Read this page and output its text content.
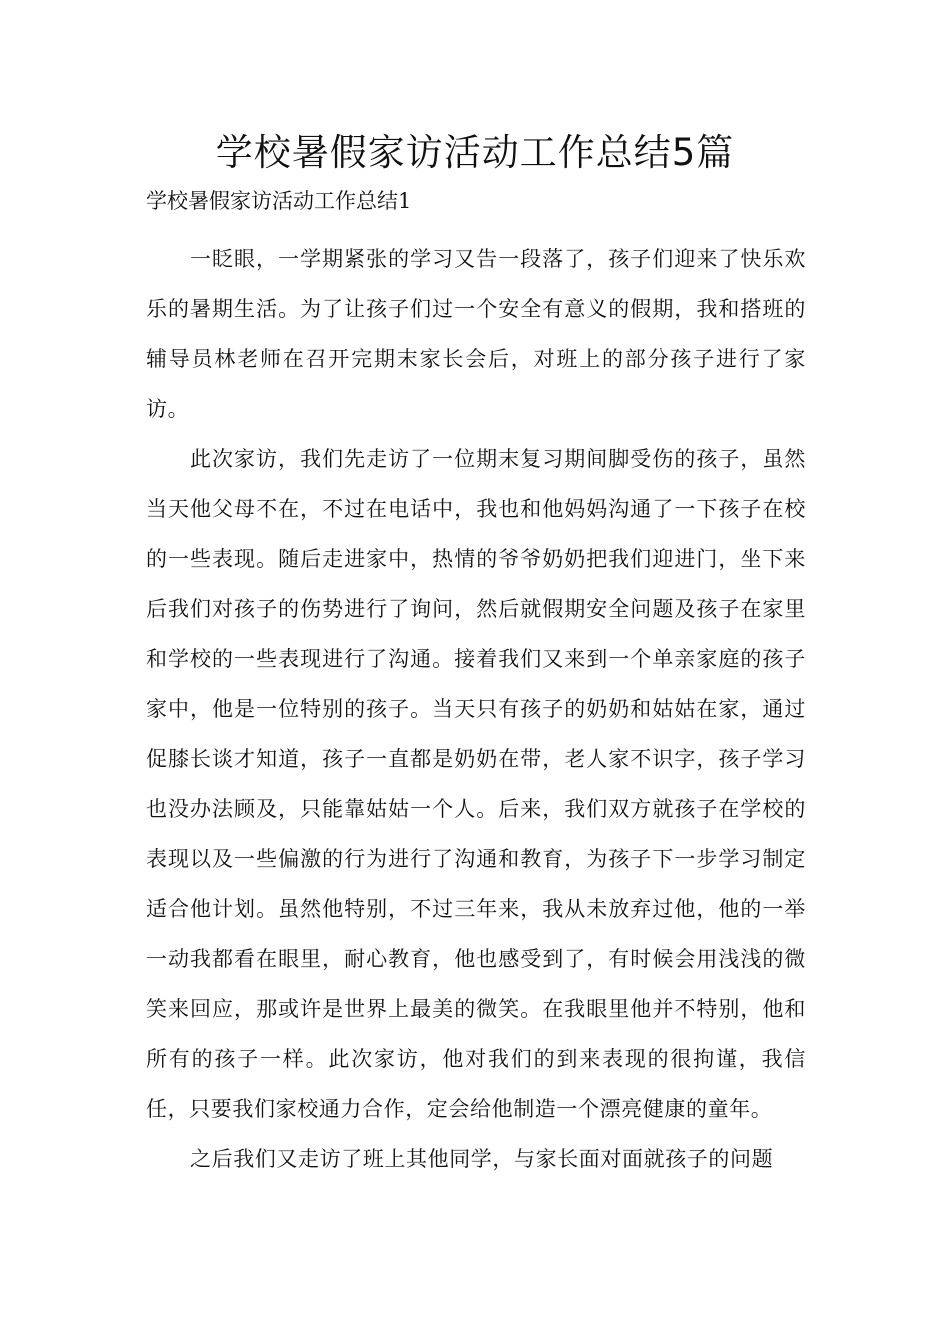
学校暑假家访活动工作总结5篇
学校暑假家访活动工作总结1

一眨眼，一学期紧张的学习又告一段落了，孩子们迎来了快乐欢乐的暑期生活。为了让孩子们过一个安全有意义的假期，我和搭班的辅导员林老师在召开完期末家长会后，对班上的部分孩子进行了家访。

此次家访，我们先走访了一位期末复习期间脚受伤的孩子，虽然当天他父母不在，不过在电话中，我也和他妈妈沟通了一下孩子在校的一些表现。随后走进家中，热情的爷爷奶奶把我们迎进门，坐下来后我们对孩子的伤势进行了询问，然后就假期安全问题及孩子在家里和学校的一些表现进行了沟通。接着我们又来到一个单亲家庭的孩子家中，他是一位特别的孩子。当天只有孩子的奶奶和姑姑在家，通过促膝长谈才知道，孩子一直都是奶奶在带，老人家不识字，孩子学习也没办法顾及，只能靠姑姑一个人。后来，我们双方就孩子在学校的表现以及一些偏激的行为进行了沟通和教育，为孩子下一步学习制定适合他计划。虽然他特别，不过三年来，我从未放弃过他，他的一举一动我都看在眼里，耐心教育，他也感受到了，有时候会用浅浅的微笑来回应，那或许是世界上最美的微笑。在我眼里他并不特别，他和所有的孩子一样。此次家访，他对我们的到来表现的很拘谨，我信任，只要我们家校通力合作，定会给他制造一个漂亮健康的童年。

之后我们又走访了班上其他同学，与家长面对面就孩子的问题
